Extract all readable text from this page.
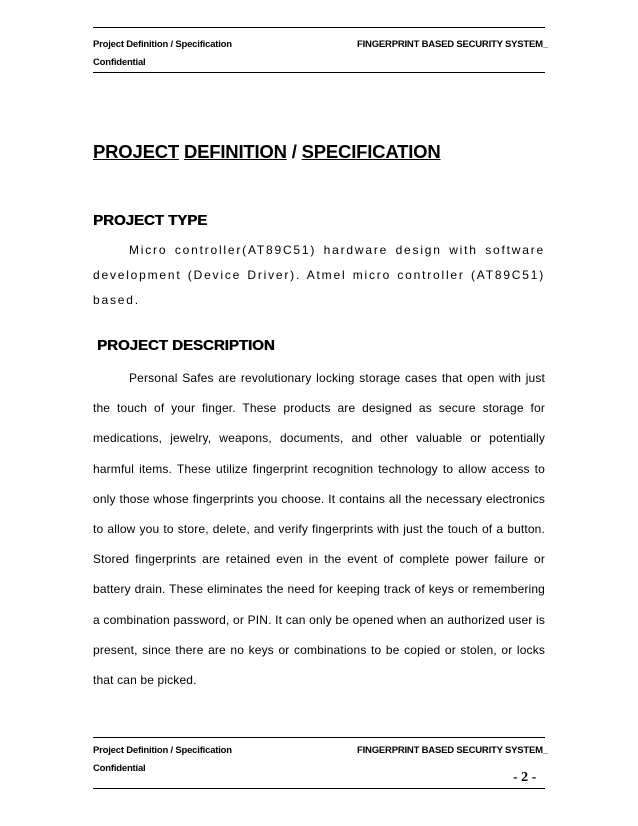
Project Definition / Specification	FINGERPRINT BASED SECURITY SYSTEM_
Confidential
PROJECT DEFINITION / SPECIFICATION
PROJECT TYPE

Micro controller(AT89C51) hardware design with software development (Device Driver). Atmel micro controller (AT89C51) based.

PROJECT DESCRIPTION

Personal Safes are revolutionary locking storage cases that open with just the touch of your finger. These products are designed as secure storage for medications, jewelry, weapons, documents, and other valuable or potentially harmful items. These utilize fingerprint recognition technology to allow access to only those whose fingerprints you choose. It contains all the necessary electronics to allow you to store, delete, and verify fingerprints with just the touch of a button. Stored fingerprints are retained even in the event of complete power failure or battery drain. These eliminates the need for keeping track of keys or remembering a combination password, or PIN. It can only be opened when an authorized user is present, since there are no keys or combinations to be copied or stolen, or locks that can be picked.

Project Definition / Specification	FINGERPRINT BASED SECURITY SYSTEM_
Confidential
- 2 -
